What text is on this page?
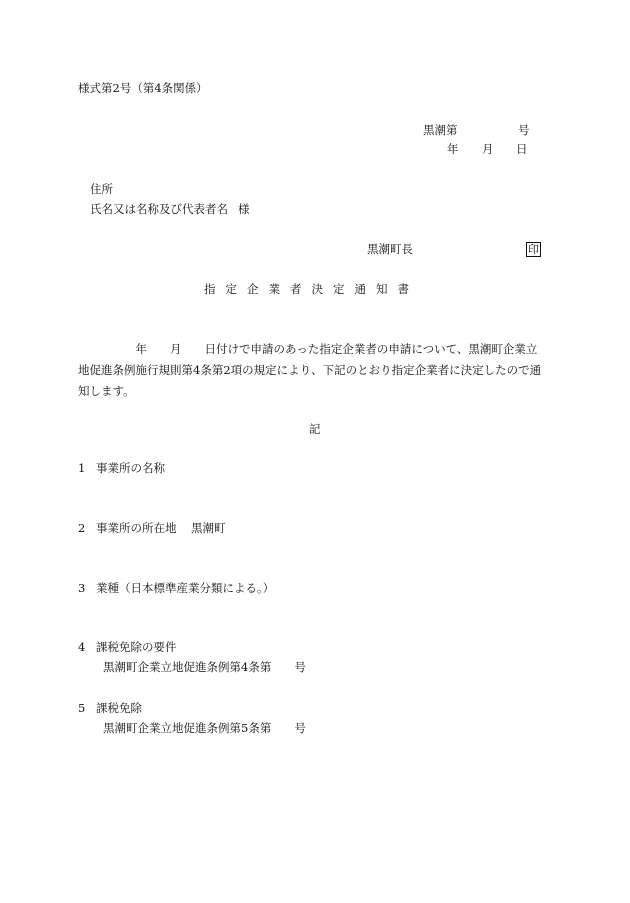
様式第2号（第4条関係）
黒潮第	号
年 月 日
住所
氏名又は名称及び代表者名 様
黒潮町長	印
指定企業者決定通知書
　　　　　年　　月　　日付けで申請のあった指定企業者の申請について、黒潮町企業立
地促進条例施行規則第4条第2項の規定により、下記のとおり指定企業者に決定したので通
知します。
記
1 事業所の名称
2 事業所の所在地 黒潮町
3 業種（日本標準産業分類による。）
4 課税免除の要件
黒潮町企業立地促進条例第4条第　　号
5 課税免除
黒潮町企業立地促進条例第5条第　　号
